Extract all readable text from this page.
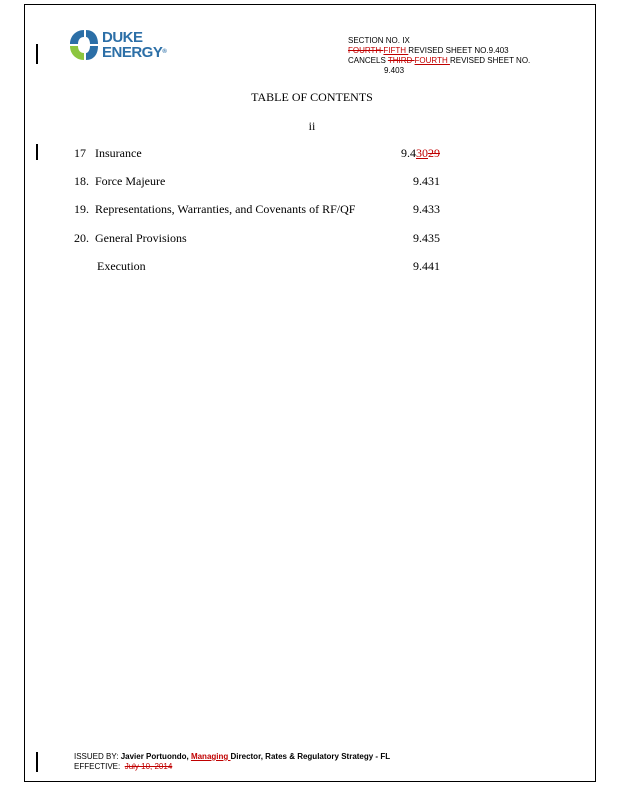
DUKE
ENERGY®
SECTION NO. IX
FOURTH FIFTH REVISED SHEET NO.9.403
CANCELS THIRD FOURTH REVISED SHEET NO.
9.403
TABLE OF CONTENTS
ii
17 Insurance	9.43029
18. Force Majeure	9.431
19. Representations, Warranties, and Covenants of RF/QF	9.433
20. General Provisions	9.435
Execution	9.441
ISSUED BY: Javier Portuondo, Managing Director, Rates & Regulatory Strategy - FL
EFFECTIVE: July 10, 2014
